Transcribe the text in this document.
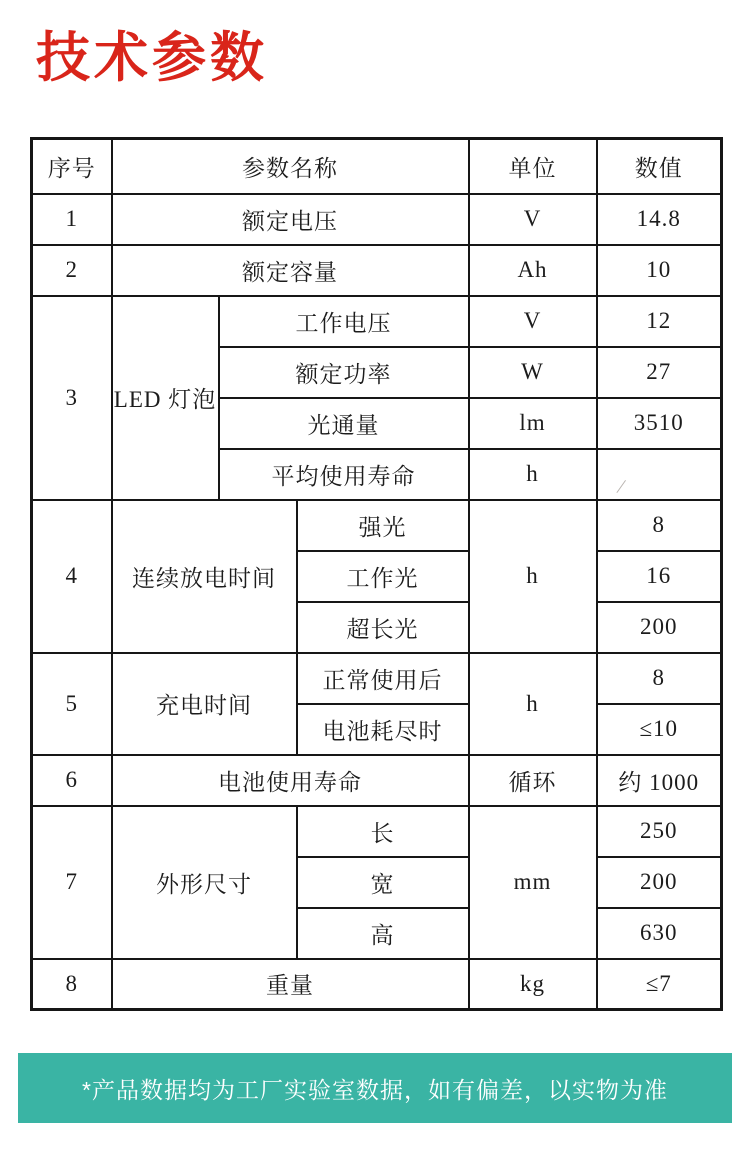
技术参数
序号	参数名称			单位	数值
1	额定电压			V	14.8
2	额定容量			Ah	10
3	LED 灯泡	工作电压		V	12
		额定功率		W	27
		光通量		lm	3510
		平均使用寿命		h	/

4	连续放电时间		强光	h	8
			工作光		16
			超长光		200
5	充电时间		正常使用后	h	8
			电池耗尽时		≤10
6	电池使用寿命			循环	约 1000
7	外形尺寸		长	mm	250
			宽		200
			高		630
8	重量			kg	≤7
*产品数据均为工厂实验室数据，如有偏差，以实物为准
